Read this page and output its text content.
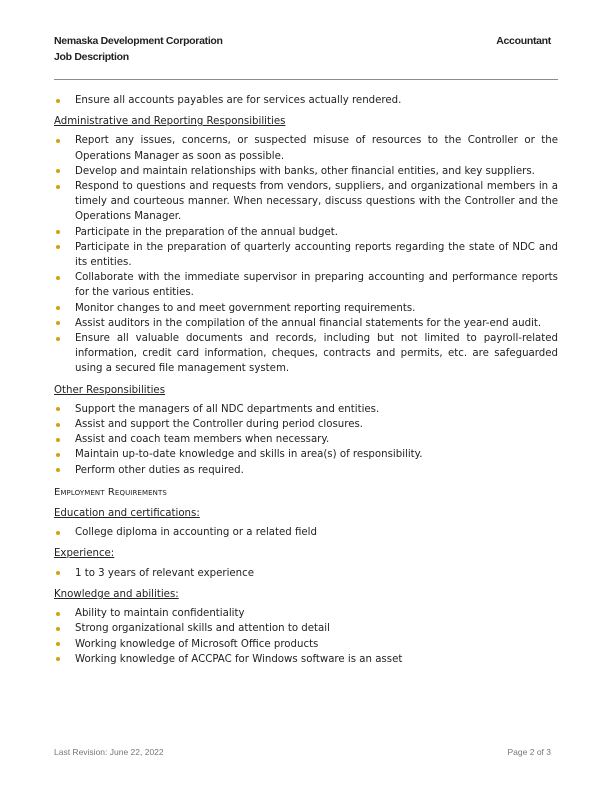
Nemaska Development Corporation
Job Description
Accountant
Ensure all accounts payables are for services actually rendered.
Administrative and Reporting Responsibilities
Report any issues, concerns, or suspected misuse of resources to the Controller or the Operations Manager as soon as possible.
Develop and maintain relationships with banks, other financial entities, and key suppliers.
Respond to questions and requests from vendors, suppliers, and organizational members in a timely and courteous manner. When necessary, discuss questions with the Controller and the Operations Manager.
Participate in the preparation of the annual budget.
Participate in the preparation of quarterly accounting reports regarding the state of NDC and its entities.
Collaborate with the immediate supervisor in preparing accounting and performance reports for the various entities.
Monitor changes to and meet government reporting requirements.
Assist auditors in the compilation of the annual financial statements for the year-end audit.
Ensure all valuable documents and records, including but not limited to payroll-related information, credit card information, cheques, contracts and permits, etc. are safeguarded using a secured file management system.
Other Responsibilities
Support the managers of all NDC departments and entities.
Assist and support the Controller during period closures.
Assist and coach team members when necessary.
Maintain up-to-date knowledge and skills in area(s) of responsibility.
Perform other duties as required.
Employment Requirements
Education and certifications:
College diploma in accounting or a related field
Experience:
1 to 3 years of relevant experience
Knowledge and abilities:
Ability to maintain confidentiality
Strong organizational skills and attention to detail
Working knowledge of Microsoft Office products
Working knowledge of ACCPAC for Windows software is an asset
Last Revision: June 22, 2022	Page 2 of 3
